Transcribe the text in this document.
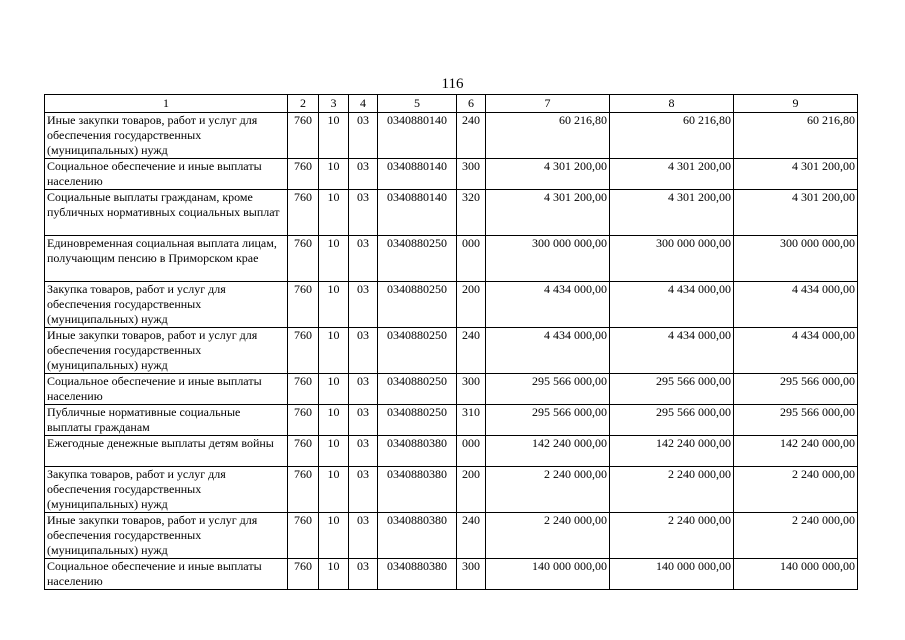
116
1	2	3	4	5	6	7	8	9
Иные закупки товаров, работ и услуг для обеспечения государственных (муниципальных) нужд	760	10	03	0340880140	240	60 216,80	60 216,80	60 216,80
Социальное обеспечение и иные выплаты населению	760	10	03	0340880140	300	4 301 200,00	4 301 200,00	4 301 200,00
Социальные выплаты гражданам, кроме публичных нормативных социальных выплат	760	10	03	0340880140	320	4 301 200,00	4 301 200,00	4 301 200,00
Единовременная социальная выплата лицам, получающим пенсию в Приморском крае	760	10	03	0340880250	000	300 000 000,00	300 000 000,00	300 000 000,00
Закупка товаров, работ и услуг для обеспечения государственных (муниципальных) нужд	760	10	03	0340880250	200	4 434 000,00	4 434 000,00	4 434 000,00
Иные закупки товаров, работ и услуг для обеспечения государственных (муниципальных) нужд	760	10	03	0340880250	240	4 434 000,00	4 434 000,00	4 434 000,00
Социальное обеспечение и иные выплаты населению	760	10	03	0340880250	300	295 566 000,00	295 566 000,00	295 566 000,00
Публичные нормативные социальные выплаты гражданам	760	10	03	0340880250	310	295 566 000,00	295 566 000,00	295 566 000,00
Ежегодные денежные выплаты детям войны	760	10	03	0340880380	000	142 240 000,00	142 240 000,00	142 240 000,00
Закупка товаров, работ и услуг для обеспечения государственных (муниципальных) нужд	760	10	03	0340880380	200	2 240 000,00	2 240 000,00	2 240 000,00
Иные закупки товаров, работ и услуг для обеспечения государственных (муниципальных) нужд	760	10	03	0340880380	240	2 240 000,00	2 240 000,00	2 240 000,00
Социальное обеспечение и иные выплаты населению	760	10	03	0340880380	300	140 000 000,00	140 000 000,00	140 000 000,00
